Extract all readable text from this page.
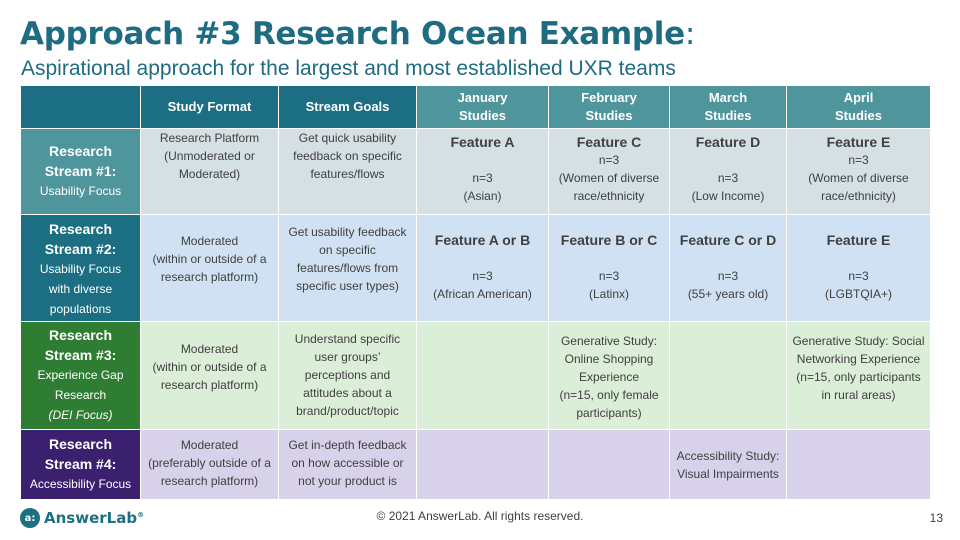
Approach #3 Research Ocean Example:
Aspirational approach for the largest and most established UXR teams
	Study Format	Stream Goals	January
Studies	February
Studies	March
Studies	April
Studies

Research
Stream #1:
Usability Focus	Research Platform
(Unmoderated or
Moderated)	Get quick usability
feedback on specific
features/flows	Feature A
n=3
(Asian)	Feature C
n=3
(Women of diverse
race/ethnicity	Feature D
n=3
(Low Income)	Feature E
n=3
(Women of diverse
race/ethnicity)

Research
Stream #2:
Usability Focus
with diverse
populations	Moderated
(within or outside of a
research platform)	Get usability feedback
on specific
features/flows from
specific user types)	Feature A or B
n=3
(African American)	Feature B or C
n=3
(Latinx)	Feature C or D
n=3
(55+ years old)	Feature E
n=3
(LGBTQIA+)

Research
Stream #3:
Experience Gap
Research
(DEI Focus)	Moderated
(within or outside of a
research platform)	Understand specific
user groups’
perceptions and
attitudes about a
brand/product/topic		Generative Study:
Online Shopping
Experience
(n=15, only female
participants)		Generative Study: Social
Networking Experience
(n=15, only participants
in rural areas)

Research
Stream #4:
Accessibility Focus	Moderated
(preferably outside of a
research platform)	Get in-depth feedback
on how accessible or
not your product is			Accessibility Study:
Visual Impairments	

a: AnswerLab®	© 2021 AnswerLab. All rights reserved.	13
